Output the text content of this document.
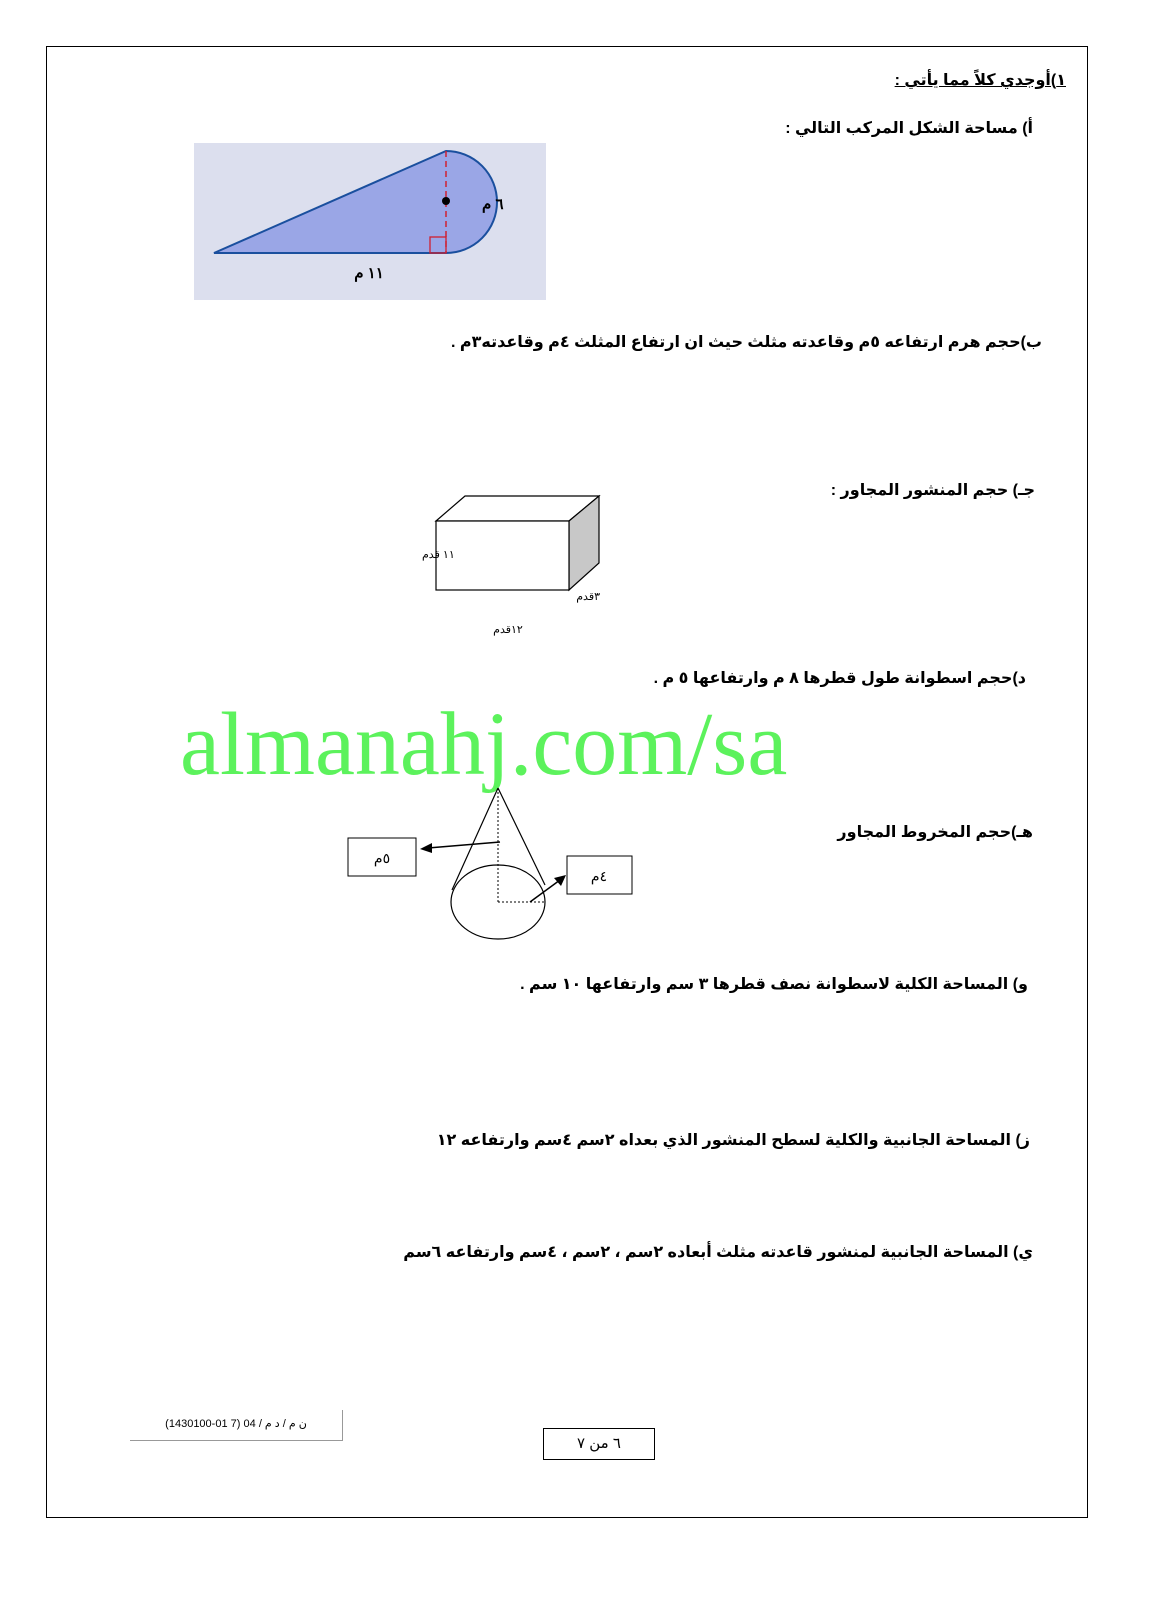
١)أوجدي كلاً مما يأتي :
أ) مساحة الشكل المركب التالي :
٦ م
١١ م
ب)حجم هرم ارتفاعه ٥م وقاعدته مثلث حيث ان ارتفاع المثلث ٤م وقاعدته٣م .
جـ) حجم المنشور المجاور :
١١ قدم
٣قدم
١٢قدم
د)حجم اسطوانة طول قطرها ٨ م وارتفاعها ٥ م .
almanahj.com/sa
هـ)حجم المخروط المجاور
٥م
٤م
و) المساحة الكلية لاسطوانة نصف قطرها ٣ سم وارتفاعها ١٠ سم .
ز) المساحة الجانبية والكلية لسطح المنشور الذي بعداه ٢سم ٤سم وارتفاعه ١٢
ي) المساحة الجانبية لمنشور قاعدته مثلث أبعاده ٢سم ، ٢سم ، ٤سم وارتفاعه ٦سم
ن م / د م / 04 (7 01-1430100)
٦ من ٧
